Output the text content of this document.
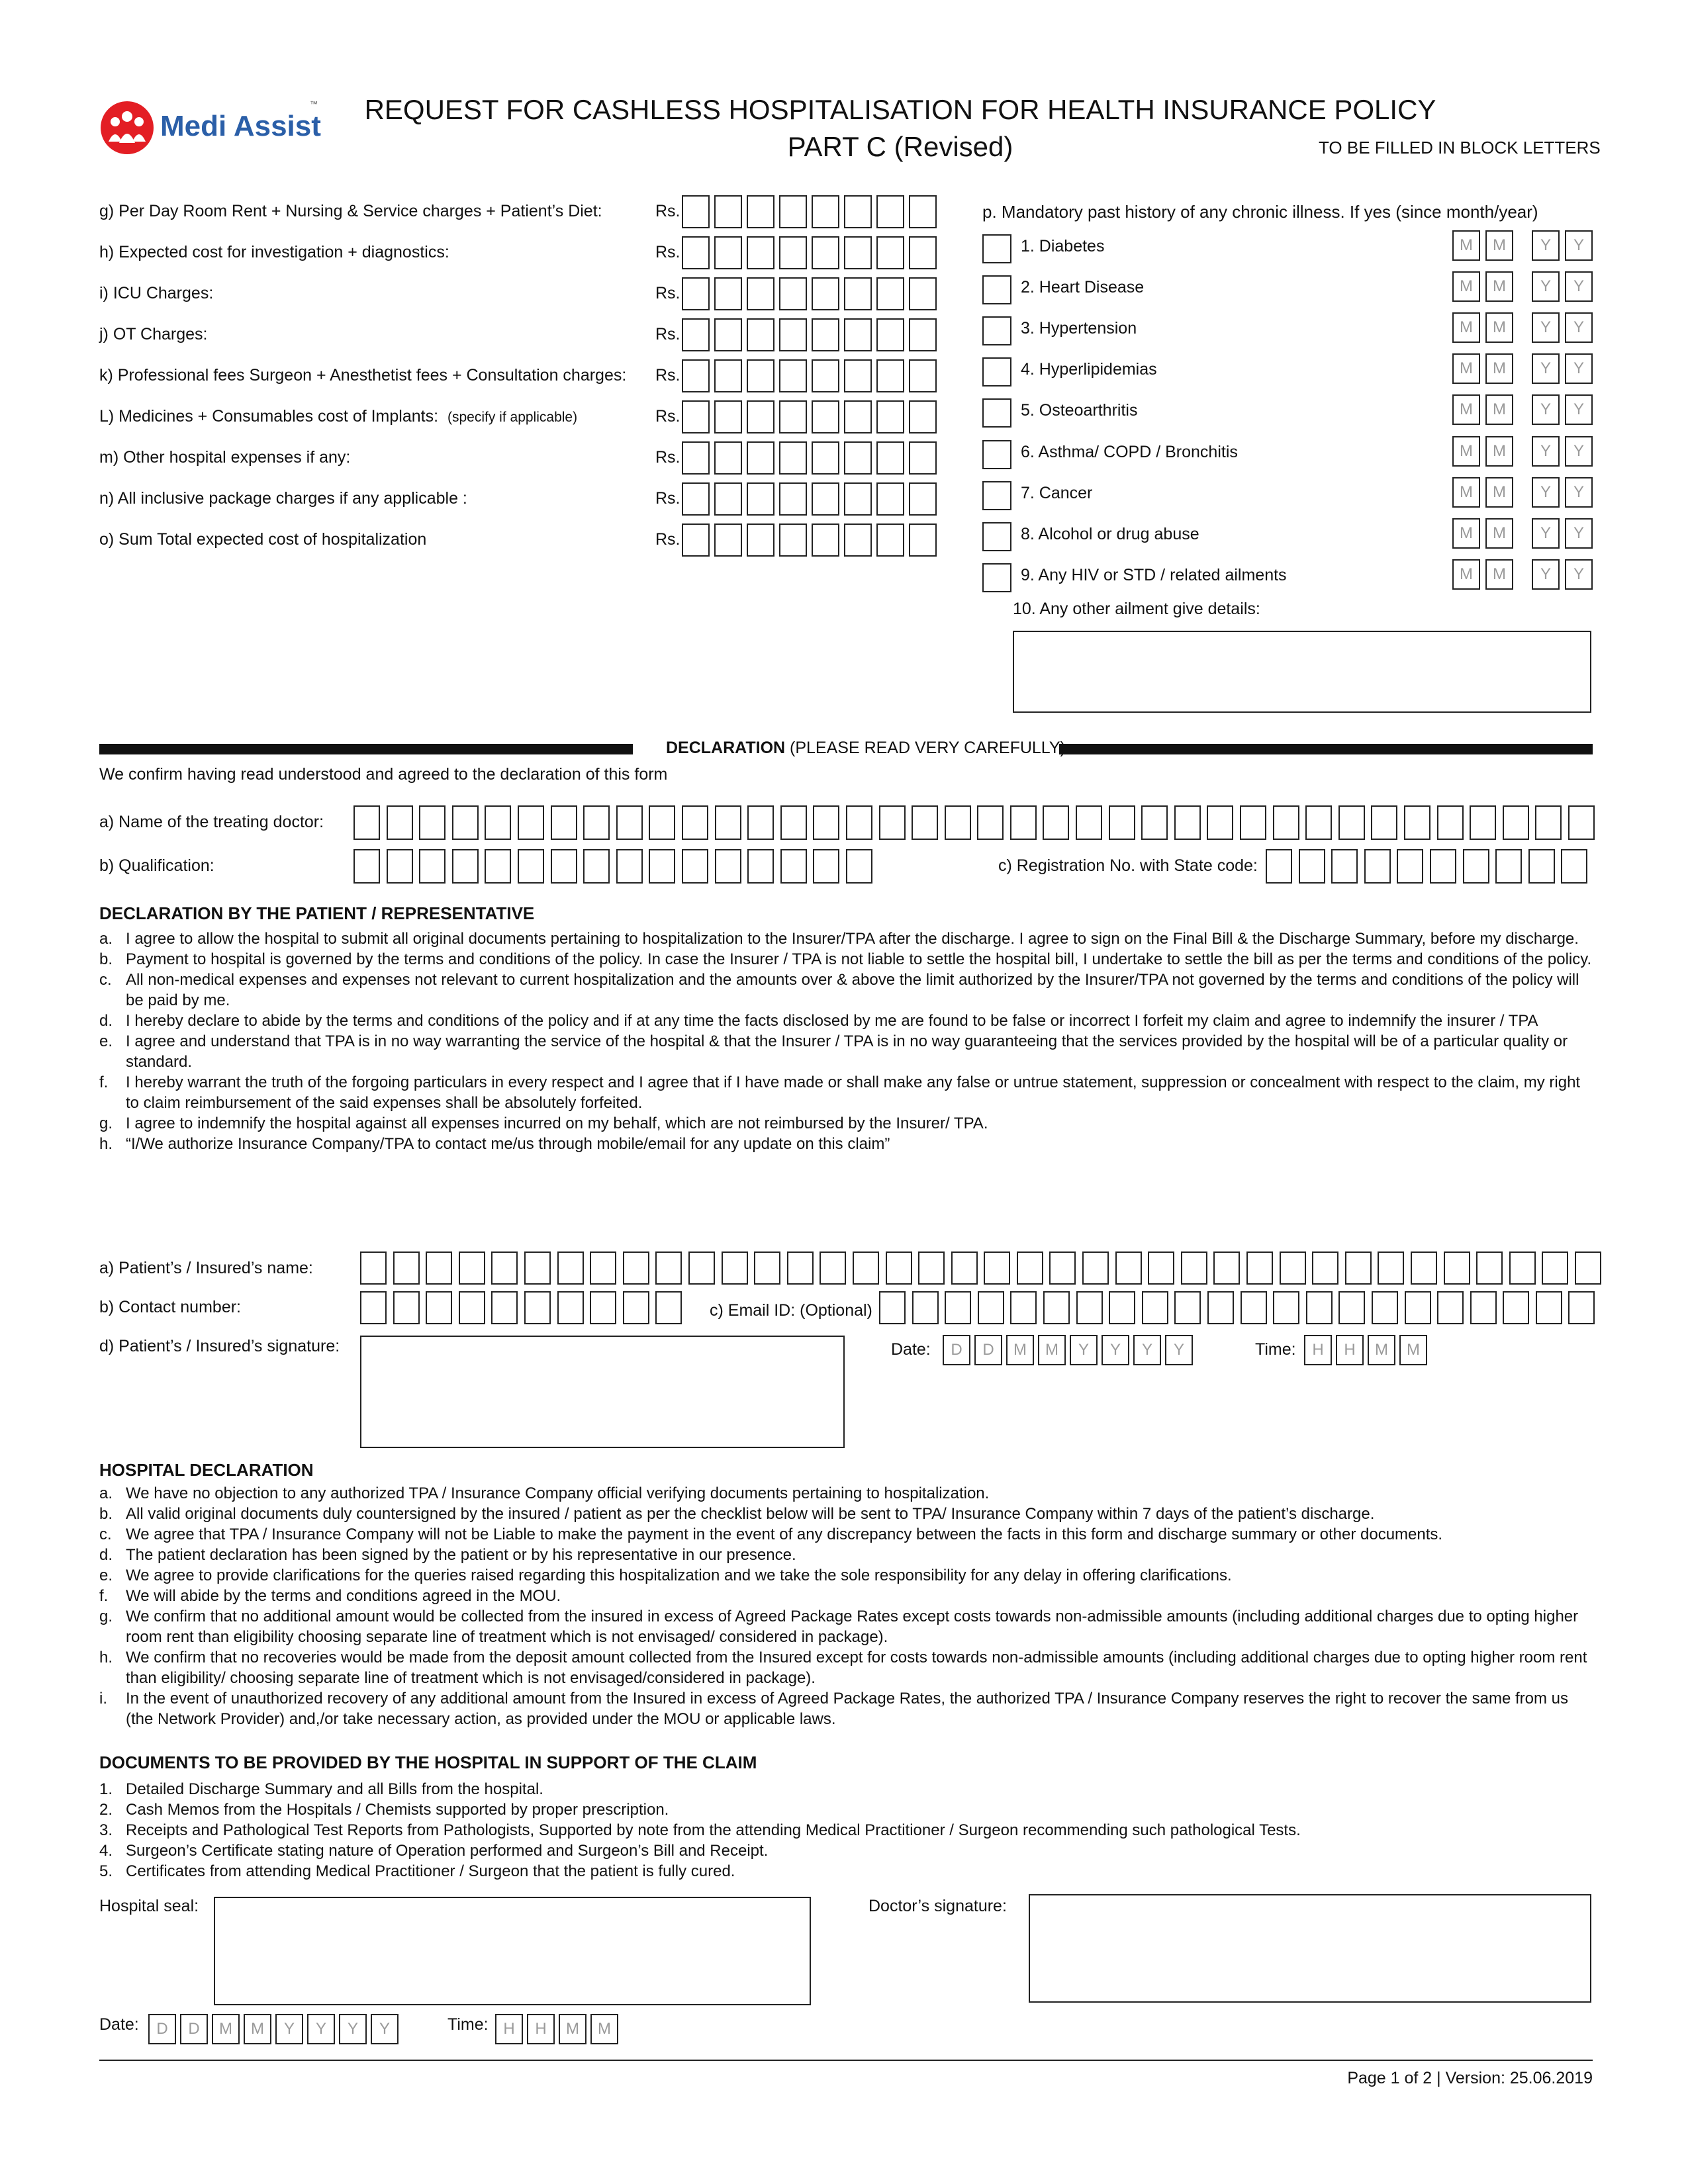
Medi Assist
™	REQUEST FOR CASHLESS HOSPITALISATION FOR HEALTH INSURANCE POLICY
PART C (Revised)	TO BE FILLED IN BLOCK LETTERS
g) Per Day Room Rent + Nursing & Service charges + Patient’s Diet:	Rs.
h) Expected cost for investigation + diagnostics:	Rs.
i) ICU Charges:	Rs.
j) OT Charges:	Rs.
k) Professional fees Surgeon + Anesthetist fees + Consultation charges: Rs.
L) Medicines + Consumables cost of Implants: (specify if applicable)	Rs.
m) Other hospital expenses if any:	Rs.
n) All inclusive package charges if any applicable :	Rs.
o) Sum Total expected cost of hospitalization	Rs.
p. Mandatory past history of any chronic illness. If yes (since month/year)
1. Diabetes	M	M	Y	Y
2. Heart Disease	M	M	Y	Y
3. Hypertension	M	M	Y	Y
4. Hyperlipidemias	M	M	Y	Y
5. Osteoarthritis	M	M	Y	Y
6. Asthma/ COPD / Bronchitis	M	M	Y	Y
7. Cancer	M	M	Y	Y
8. Alcohol or drug abuse	M	M	Y	Y
9. Any HIV or STD / related ailments	M	M	Y	Y
10. Any other ailment give details:
DECLARATION (PLEASE READ VERY CAREFULLY)
We confirm having read understood and agreed to the declaration of this form
a) Name of the treating doctor:
b) Qualification:	c) Registration No. with State code:
DECLARATION BY THE PATIENT / REPRESENTATIVE
a. I agree to allow the hospital to submit all original documents pertaining to hospitalization to the Insurer/TPA after the discharge. I agree to sign on the Final Bill & the Discharge Summary, before my discharge.
b. Payment to hospital is governed by the terms and conditions of the policy. In case the Insurer / TPA is not liable to settle the hospital bill, I undertake to settle the bill as per the terms and conditions of the policy.
c. All non-medical expenses and expenses not relevant to current hospitalization and the amounts over & above the limit authorized by the Insurer/TPA not governed by the terms and conditions of the policy will be paid by me.
d. I hereby declare to abide by the terms and conditions of the policy and if at any time the facts disclosed by me are found to be false or incorrect I forfeit my claim and agree to indemnify the insurer / TPA
e. I agree and understand that TPA is in no way warranting the service of the hospital & that the Insurer / TPA is in no way guaranteeing that the services provided by the hospital will be of a particular quality or standard.
f.	I hereby warrant the truth of the forgoing particulars in every respect and I agree that if I have made or shall make any false or untrue statement, suppression or concealment with respect to the claim, my right to claim reimbursement of the said expenses shall be absolutely forfeited.
g. I agree to indemnify the hospital against all expenses incurred on my behalf, which are not reimbursed by the Insurer/ TPA.
h. “I/We authorize Insurance Company/TPA to contact me/us through mobile/email for any update on this claim”
a) Patient’s / Insured’s name:
b) Contact number:	c) Email ID: (Optional)
d) Patient’s / Insured’s signature:	Date:	D	D	M	M	Y	Y	Y	Y	Time:	H	H	M	M
HOSPITAL DECLARATION
a. We have no objection to any authorized TPA / Insurance Company official verifying documents pertaining to hospitalization.
b. All valid original documents duly countersigned by the insured / patient as per the checklist below will be sent to TPA/ Insurance Company within 7 days of the patient’s discharge.
c. We agree that TPA / Insurance Company will not be Liable to make the payment in the event of any discrepancy between the facts in this form and discharge summary or other documents.
d. The patient declaration has been signed by the patient or by his representative in our presence.
e. We agree to provide clarifications for the queries raised regarding this hospitalization and we take the sole responsibility for any delay in offering clarifications.
f.	We will abide by the terms and conditions agreed in the MOU.
g. We confirm that no additional amount would be collected from the insured in excess of Agreed Package Rates except costs towards non-admissible amounts (including additional charges due to opting higher room rent than eligibility choosing separate line of treatment which is not envisaged/ considered in package).
h. We confirm that no recoveries would be made from the deposit amount collected from the Insured except for costs towards non-admissible amounts (including additional charges due to opting higher room rent than eligibility/ choosing separate line of treatment which is not envisaged/considered in package).
i.	In the event of unauthorized recovery of any additional amount from the Insured in excess of Agreed Package Rates, the authorized TPA / Insurance Company reserves the right to recover the same from us (the Network Provider) and,/or take necessary action, as provided under the MOU or applicable laws.
DOCUMENTS TO BE PROVIDED BY THE HOSPITAL IN SUPPORT OF THE CLAIM
1. Detailed Discharge Summary and all Bills from the hospital.
2. Cash Memos from the Hospitals / Chemists supported by proper prescription.
3. Receipts and Pathological Test Reports from Pathologists, Supported by note from the attending Medical Practitioner / Surgeon recommending such pathological Tests.
4. Surgeon’s Certificate stating nature of Operation performed and Surgeon’s Bill and Receipt.
5. Certificates from attending Medical Practitioner / Surgeon that the patient is fully cured.
Hospital seal:	Doctor’s signature:
Date:	D	D	M	M	Y	Y	Y	Y	Time: H	H	M	M
Page 1 of 2 | Version: 25.06.2019
